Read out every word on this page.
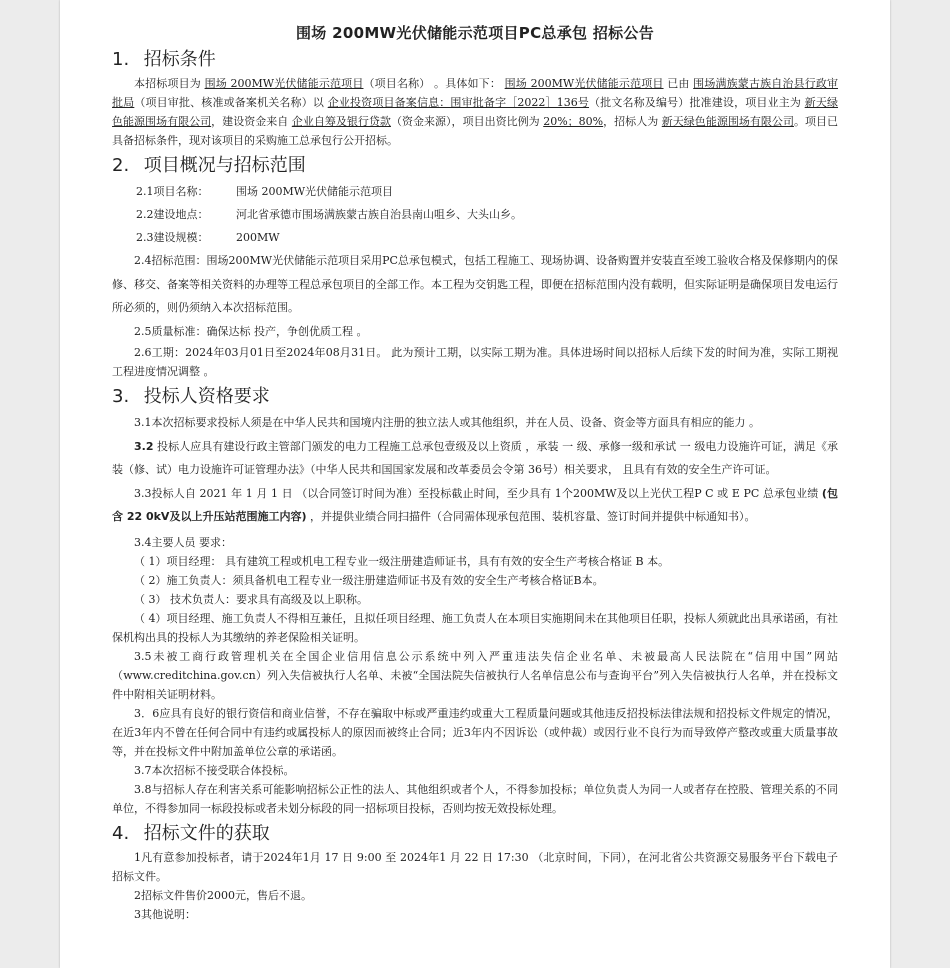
围场 200MW光伏储能示范项目PC总承包 招标公告
1. 招标条件

本招标项目为 围场 200MW光伏储能示范项目（项目名称） 。具体如下： 围场 200MW光伏储能示范项目 已由 围场满族蒙古族自治县行政审批局（项目审批、核准或备案机关名称）以 企业投资项目备案信息：围审批备字［2022］136号（批文名称及编号）批准建设，项目业主为 新天绿色能源围场有限公司，建设资金来自 企业自筹及银行贷款（资金来源），项目出资比例为 20%；80%，招标人为 新天绿色能源围场有限公司。项目已具备招标条件，现对该项目的采购施工总承包行公开招标。

2. 项目概况与招标范围
2.1项目名称：	围场 200MW光伏储能示范项目
2.2建设地点：	河北省承德市围场满族蒙古族自治县南山咀乡、大头山乡。
2.3建设规模：	200MW

2.4招标范围：围场200MW光伏储能示范项目采用PC总承包模式，包括工程施工、现场协调、设备购置并安装直至竣工验收合格及保修期内的保修、移交、备案等相关资料的办理等工程总承包项目的全部工作。本工程为交钥匙工程，即便在招标范围内没有载明，但实际证明是确保项目发电运行所必须的，则仍须纳入本次招标范围。

2.5质量标准：确保达标 投产，争创优质工程 。

2.6工期：2024年03月01日至2024年08月31日。 此为预计工期，以实际工期为准。具体进场时间以招标人后续下发的时间为准，实际工期视工程进度情况调整 。

3. 投标人资格要求

3.1本次招标要求投标人须是在中华人民共和国境内注册的独立法人或其他组织，并在人员、设备、资金等方面具有相应的能力 。

3.2 投标人应具有建设行政主管部门颁发的电力工程施工总承包壹级及以上资质 ，承装 一 级、承修一级和承试 一 级电力设施许可证，满足《承装（修、试）电力设施许可证管理办法》（中华人民共和国国家发展和改革委员会令第 36号）相关要求， 且具有有效的安全生产许可证。

3.3投标人自 2021 年 1 月 1 日 （以合同签订时间为准）至投标截止时间，至少具有 1个200MW及以上光伏工程P C 或 E PC 总承包业绩 (包含 22 0kV及以上升压站范围施工内容) ，并提供业绩合同扫描件（合同需体现承包范围、装机容量、签订时间并提供中标通知书）。

3.4主要人员 要求：

（ 1）项目经理： 具有建筑工程或机电工程专业一级注册建造师证书，具有有效的安全生产考核合格证 B 本。

（ 2）施工负责人：须具备机电工程专业一级注册建造师证书及有效的安全生产考核合格证B本。

（ 3） 技术负责人：要求具有高级及以上职称。

（ 4）项目经理、施工负责人不得相互兼任，且拟任项目经理、施工负责人在本项目实施期间未在其他项目任职，投标人须就此出具承诺函，有社保机构出具的投标人为其缴纳的养老保险相关证明。

3.5未被工商行政管理机关在全国企业信用信息公示系统中列入严重违法失信企业名单、未被最高人民法院在“信用中国”网站（www.creditchina.gov.cn）列入失信被执行人名单、未被“全国法院失信被执行人名单信息公布与查询平台”列入失信被执行人名单，并在投标文件中附相关证明材料。

3．6应具有良好的银行资信和商业信誉，不存在骗取中标或严重违约或重大工程质量问题或其他违反招投标法律法规和招投标文件规定的情况，在近3年内不曾在任何合同中有违约或属投标人的原因而被终止合同；近3年内不因诉讼（或仲裁）或因行业不良行为而导致停产整改或重大质量事故等，并在投标文件中附加盖单位公章的承诺函。

3.7本次招标不接受联合体投标。

3.8与招标人存在利害关系可能影响招标公正性的法人、其他组织或者个人，不得参加投标；单位负责人为同一人或者存在控股、管理关系的不同单位，不得参加同一标段投标或者未划分标段的同一招标项目投标，否则均按无效投标处理。

4. 招标文件的获取

1凡有意参加投标者，请于2024年1月 17 日 9:00 至 2024年1 月 22 日 17:30 （北京时间，下同），在河北省公共资源交易服务平台下载电子招标文件。

2招标文件售价2000元，售后不退。

3其他说明：
